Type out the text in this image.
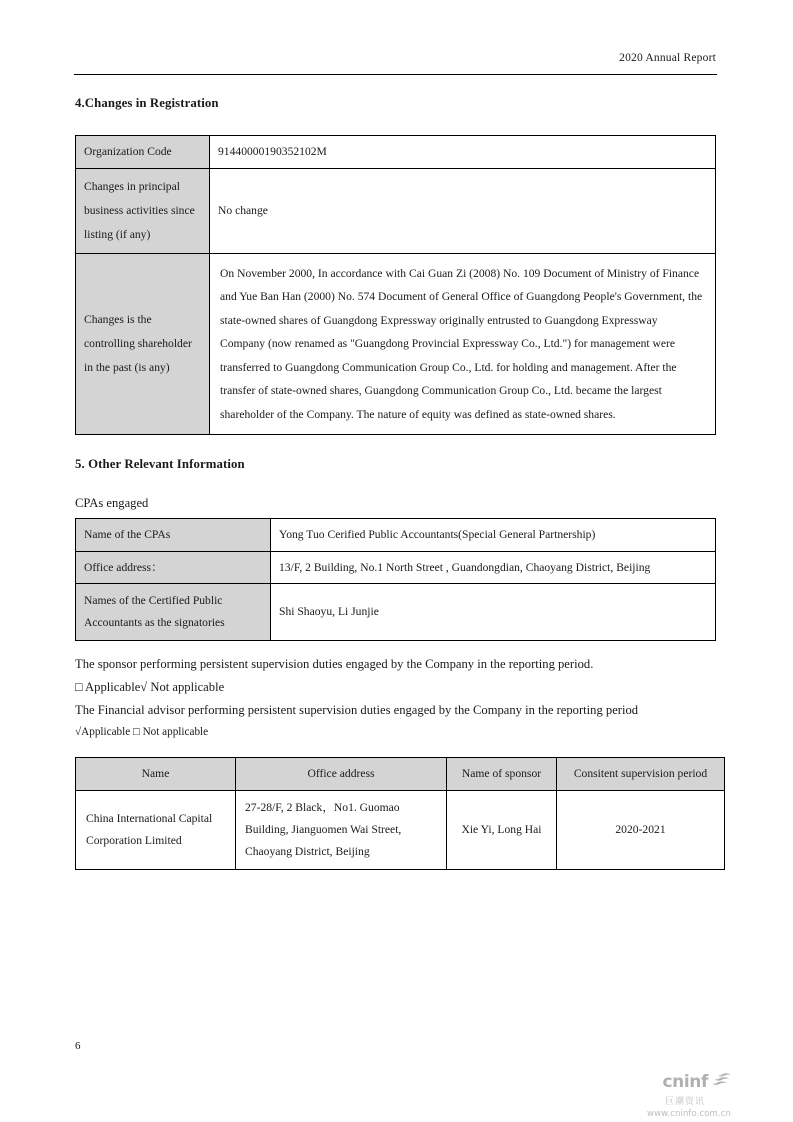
2020 Annual Report
4.Changes in Registration
Organization Code	91440000190352102M
Changes in principal business activities since listing (if any)	No change
Changes is the controlling shareholder in the past (is any)	On November 2000, In accordance with Cai Guan Zi (2008) No. 109 Document of Ministry of Finance and Yue Ban Han (2000) No. 574 Document of General Office of Guangdong People's Government, the state-owned shares of Guangdong Expressway originally entrusted to Guangdong Expressway Company (now renamed as "Guangdong Provincial Expressway Co., Ltd.") for management were transferred to Guangdong Communication Group Co., Ltd. for holding and management. After the transfer of state-owned shares, Guangdong Communication Group Co., Ltd. became the largest shareholder of the Company. The nature of equity was defined as state-owned shares.
5. Other Relevant Information
CPAs engaged
Name of the CPAs	Yong Tuo Cerified Public Accountants(Special General Partnership)
Office address：	13/F, 2 Building, No.1 North Street , Guandongdian, Chaoyang District, Beijing
Names of the Certified Public Accountants as the signatories	Shi Shaoyu, Li Junjie

The sponsor performing persistent supervision duties engaged by the Company in the reporting period.

□ Applicable√ Not applicable

The Financial advisor performing persistent supervision duties engaged by the Company in the reporting period

√Applicable □ Not applicable

Name	Office address	Name of sponsor	Consitent supervision period
China International Capital Corporation Limited	27-28/F, 2 Black，No1. Guomao Building, Jianguomen Wai Street, Chaoyang District, Beijing	Xie Yi, Long Hai	2020-2021
6
cninf
巨潮资讯
www.cninfo.com.cn
